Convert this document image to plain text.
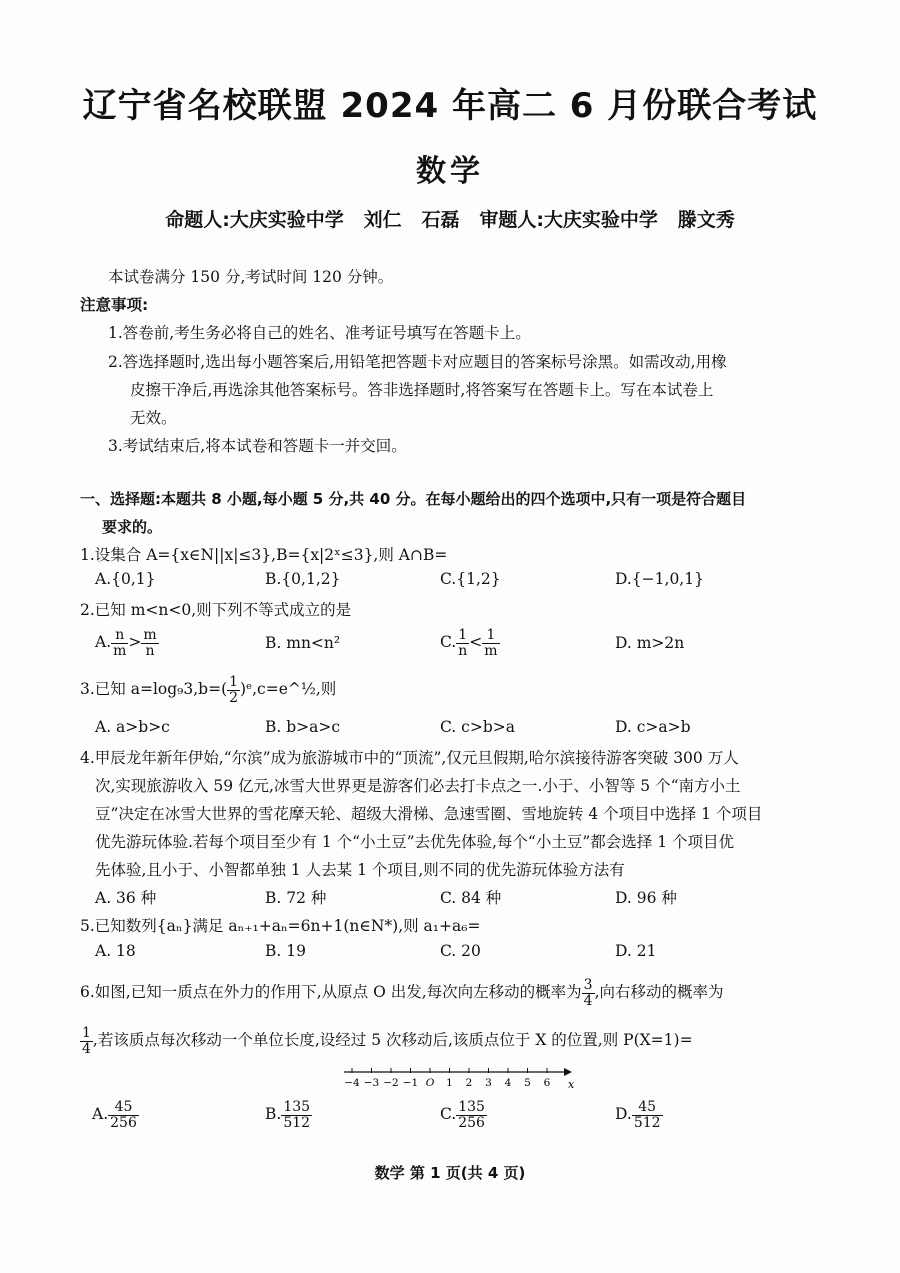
辽宁省名校联盟 2024 年高二 6 月份联合考试
数学
命题人:大庆实验中学   刘仁   石磊   审题人:大庆实验中学   滕文秀
本试卷满分 150 分,考试时间 120 分钟。
注意事项:
1.答卷前,考生务必将自己的姓名、准考证号填写在答题卡上。
2.答选择题时,选出每小题答案后,用铅笔把答题卡对应题目的答案标号涂黑。如需改动,用橡
皮擦干净后,再选涂其他答案标号。答非选择题时,将答案写在答题卡上。写在本试卷上
无效。
3.考试结束后,将本试卷和答题卡一并交回。
一、选择题:本题共 8 小题,每小题 5 分,共 40 分。在每小题给出的四个选项中,只有一项是符合题目
要求的。
1.设集合 A={x∈N||x|≤3},B={x|2ˣ≤3},则 A∩B=
A.{0,1}	B.{0,1,2}	C.{1,2}	D.{−1,0,1}
2.已知 m<n<0,则下列不等式成立的是
A. $\frac{n}{m} > \frac{m}{n}$	B. mn<n²	C. $\frac{1}{n} < \frac{1}{m}$	D. m>2n
3.已知 $a=\log_93,b=( \frac{1}{2}$ )ᵉ,c=e^½,则
A. a>b>c	B. b>a>c	C. c>b>a	D. c>a>b
4.甲辰龙年新年伊始,“尔滨”成为旅游城市中的“顶流”,仅元旦假期,哈尔滨接待游客突破 300 万人
次,实现旅游收入 59 亿元,冰雪大世界更是游客们必去打卡点之一.小于、小智等 5 个“南方小土
豆”决定在冰雪大世界的雪花摩天轮、超级大滑梯、急速雪圈、雪地旋转 4 个项目中选择 1 个项目
优先游玩体验.若每个项目至少有 1 个“小土豆”去优先体验,每个“小土豆”都会选择 1 个项目优
先体验,且小于、小智都单独 1 人去某 1 个项目,则不同的优先游玩体验方法有
A. 36 种	B. 72 种	C. 84 种	D. 96 种
5.已知数列{aₙ}满足 aₙ₊₁+aₙ=6n+1(n∈N*),则 a₁+a₆=
A. 18	B. 19	C. 20	D. 21
6.如图,已知一质点在外力的作用下,从原点 O 出发,每次向左移动的概率为 $\frac{3}{4}$ ,向右移动的概率为
$\frac{1}{4}$ ,若该质点每次移动一个单位长度,设经过 5 次移动后,该质点位于 X 的位置,则 P(X=1)=
−4 −3 −2 −1 O 1 2 3 4 5 6 x
A. $\frac{45}{256}$	B. $\frac{135}{512}$	C. $\frac{135}{256}$	D. $\frac{45}{512}$
数学 第 1 页(共 4 页)
